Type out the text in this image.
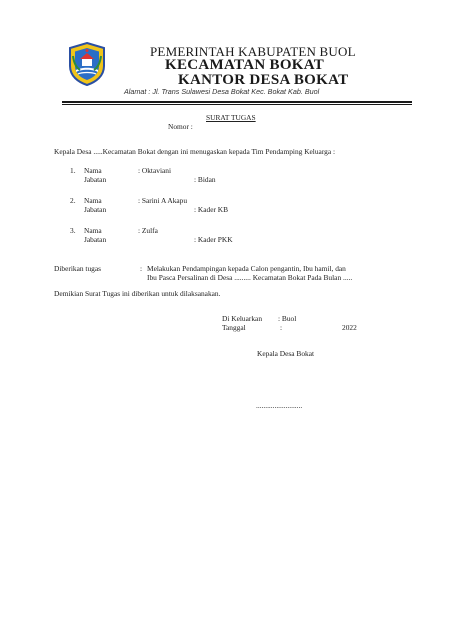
PEMERINTAH KABUPATEN BUOL
KECAMATAN BOKAT
KANTOR DESA BOKAT
Alamat : Jl. Trans Sulawesi Desa Bokat Kec. Bokat Kab. Buol
SURAT TUGAS
Nomor :
Kepala Desa .....Kecamatan Bokat dengan ini menugaskan kepada Tim Pendamping Keluarga :
1. Nama	: Oktaviani
Jabatan	: Bidan
2. Nama	: Sarini A Akapu
Jabatan	: Kader KB
3. Nama	: Zulfa
Jabatan	: Kader PKK
Diberikan tugas	: Melakukan Pendampingan kepada Calon pengantin, Ibu hamil, dan
Ibu Pasca Persalinan di Desa ......... Kecamatan Bokat Pada Bulan .....
Demikian Surat Tugas ini diberikan untuk dilaksanakan.
Di Keluarkan : Buol
Tanggal	:	2022
Kepala Desa Bokat
.........................
